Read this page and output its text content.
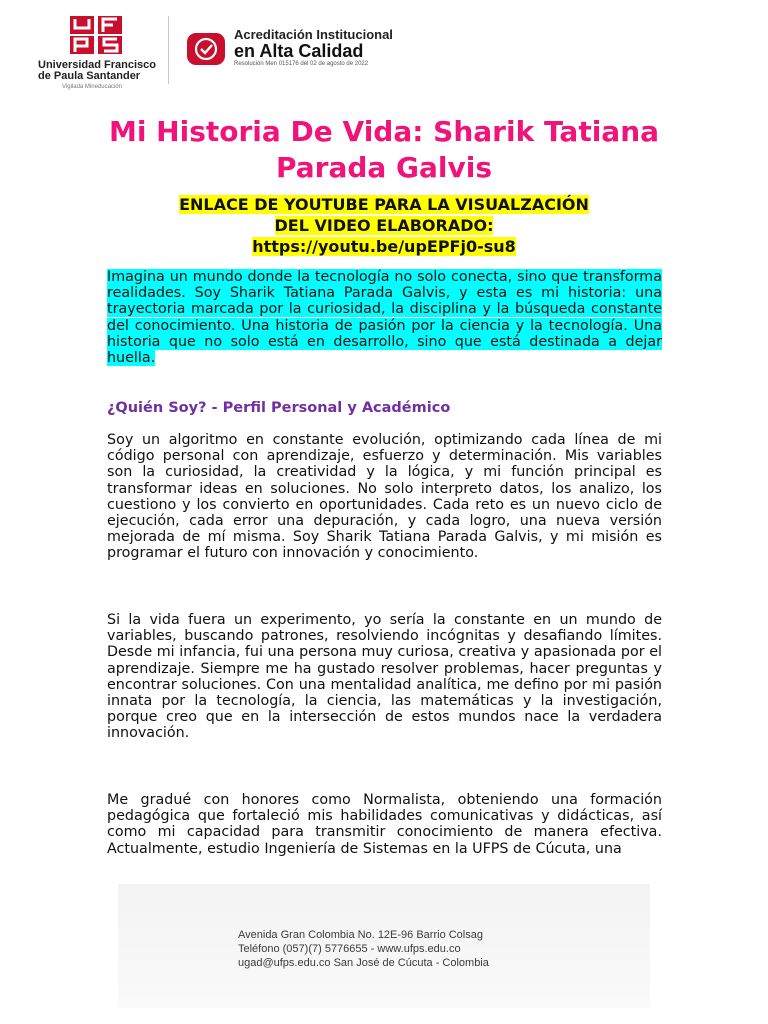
Universidad Francisco
de Paula Santander
Vigilada Mineducación
Acreditación Institucional
en Alta Calidad
Resolución Men 015176 del 02 de agosto de 2022
Mi Historia De Vida: Sharik Tatiana Parada Galvis
ENLACE DE YOUTUBE PARA LA VISUALZACIÓN
DEL VIDEO ELABORADO:
https://youtu.be/upEPFj0-su8

Imagina un mundo donde la tecnología no solo conecta, sino que transforma realidades. Soy Sharik Tatiana Parada Galvis, y esta es mi historia: una trayectoria marcada por la curiosidad, la disciplina y la búsqueda constante del conocimiento. Una historia de pasión por la ciencia y la tecnología. Una historia que no solo está en desarrollo, sino que está destinada a dejar huella.

¿Quién Soy? - Perfil Personal y Académico

Soy un algoritmo en constante evolución, optimizando cada línea de mi código personal con aprendizaje, esfuerzo y determinación. Mis variables son la curiosidad, la creatividad y la lógica, y mi función principal es transformar ideas en soluciones. No solo interpreto datos, los analizo, los cuestiono y los convierto en oportunidades. Cada reto es un nuevo ciclo de ejecución, cada error una depuración, y cada logro, una nueva versión mejorada de mí misma. Soy Sharik Tatiana Parada Galvis, y mi misión es programar el futuro con innovación y conocimiento.

Si la vida fuera un experimento, yo sería la constante en un mundo de variables, buscando patrones, resolviendo incógnitas y desafiando límites. Desde mi infancia, fui una persona muy curiosa, creativa y apasionada por el aprendizaje. Siempre me ha gustado resolver problemas, hacer preguntas y encontrar soluciones. Con una mentalidad analítica, me defino por mi pasión innata por la tecnología, la ciencia, las matemáticas y la investigación, porque creo que en la intersección de estos mundos nace la verdadera innovación.

Me gradué con honores como Normalista, obteniendo una formación pedagógica que fortaleció mis habilidades comunicativas y didácticas, así como mi capacidad para transmitir conocimiento de manera efectiva. Actualmente, estudio Ingeniería de Sistemas en la UFPS de Cúcuta, una

Avenida Gran Colombia No. 12E-96 Barrio Colsag
Teléfono (057)(7) 5776655 - www.ufps.edu.co
ugad@ufps.edu.co San José de Cúcuta - Colombia
